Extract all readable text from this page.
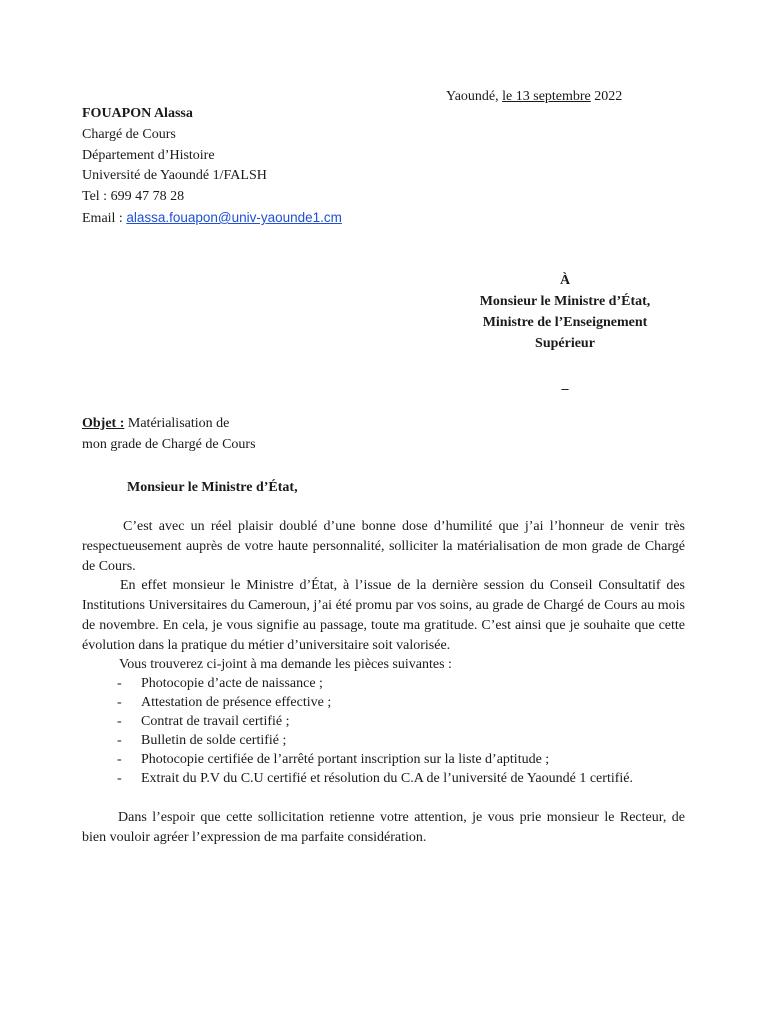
Yaoundé, le 13 septembre 2022
FOUAPON Alassa
Chargé de Cours
Département d’Histoire
Université de Yaoundé 1/FALSH
Tel : 699 47 78 28
Email : alassa.fouapon@univ-yaounde1.cm
À
Monsieur le Ministre d’État,
Ministre de l’Enseignement
Supérieur
_
Objet : Matérialisation de
mon grade de Chargé de Cours
Monsieur le Ministre d’État,
C’est avec un réel plaisir doublé d’une bonne dose d’humilité que j’ai l’honneur de venir très respectueusement auprès de votre haute personnalité, solliciter la matérialisation de mon grade de Chargé de Cours.
En effet monsieur le Ministre d’État, à l’issue de la dernière session du Conseil Consultatif des Institutions Universitaires du Cameroun, j’ai été promu par vos soins, au grade de Chargé de Cours au mois de novembre. En cela, je vous signifie au passage, toute ma gratitude. C’est ainsi que je souhaite que cette évolution dans la pratique du métier d’universitaire soit valorisée.
Vous trouverez ci-joint à ma demande les pièces suivantes :
- Photocopie d’acte de naissance ;
- Attestation de présence effective ;
- Contrat de travail certifié ;
- Bulletin de solde certifié ;
- Photocopie certifiée de l’arrêté portant inscription sur la liste d’aptitude ;
- Extrait du P.V du C.U certifié et résolution du C.A de l’université de Yaoundé 1 certifié.
Dans l’espoir que cette sollicitation retienne votre attention, je vous prie monsieur le Recteur, de bien vouloir agréer l’expression de ma parfaite considération.
